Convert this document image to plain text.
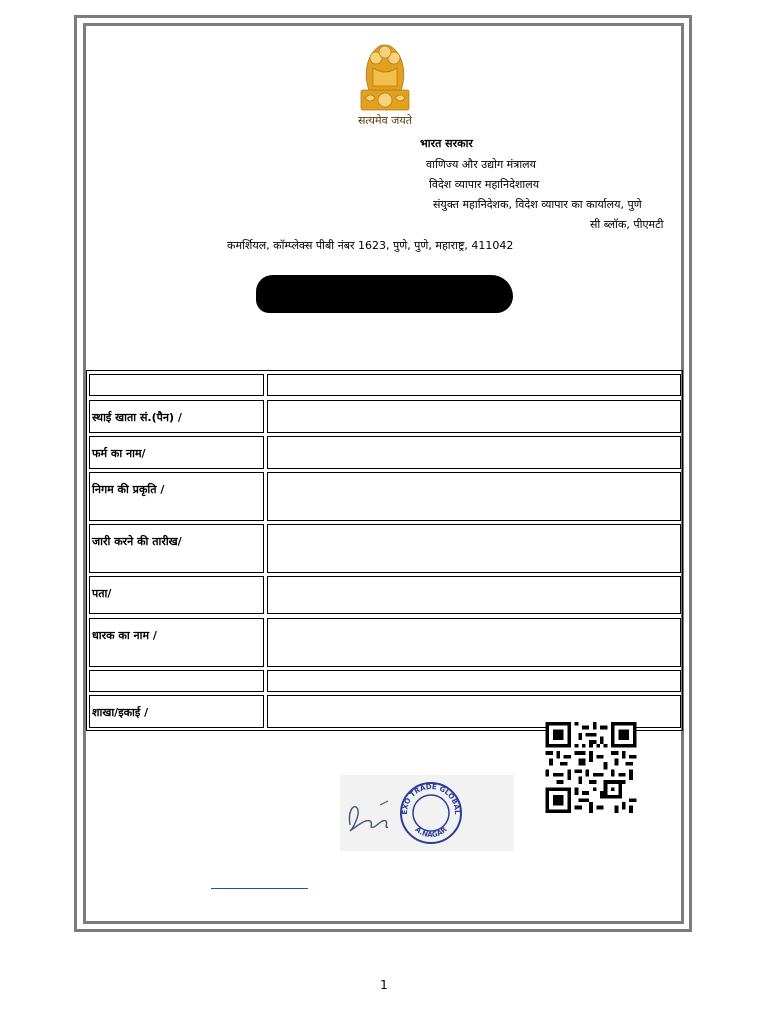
सत्यमेव जयते
भारत सरकार
वाणिज्य और उद्योग मंत्रालय
विदेश व्यापार महानिदेशालय
संयुक्त महानिदेशक, विदेश व्यापार का कार्यालय, पुणे
सी ब्लॉक, पीएमटी
कमर्शियल, कॉम्प्लेक्स पीबी नंबर 1623, पुणे, पुणे, महाराष्ट्र, 411042
स्थाई खाता सं.(पैन) /
फर्म का नाम/
निगम की प्रकृति /
जारी करने की तारीख/
पता/
धारक का नाम /
शाखा/इकाई /
EXO TRADE GLOBAL
A.NAGAR
1
